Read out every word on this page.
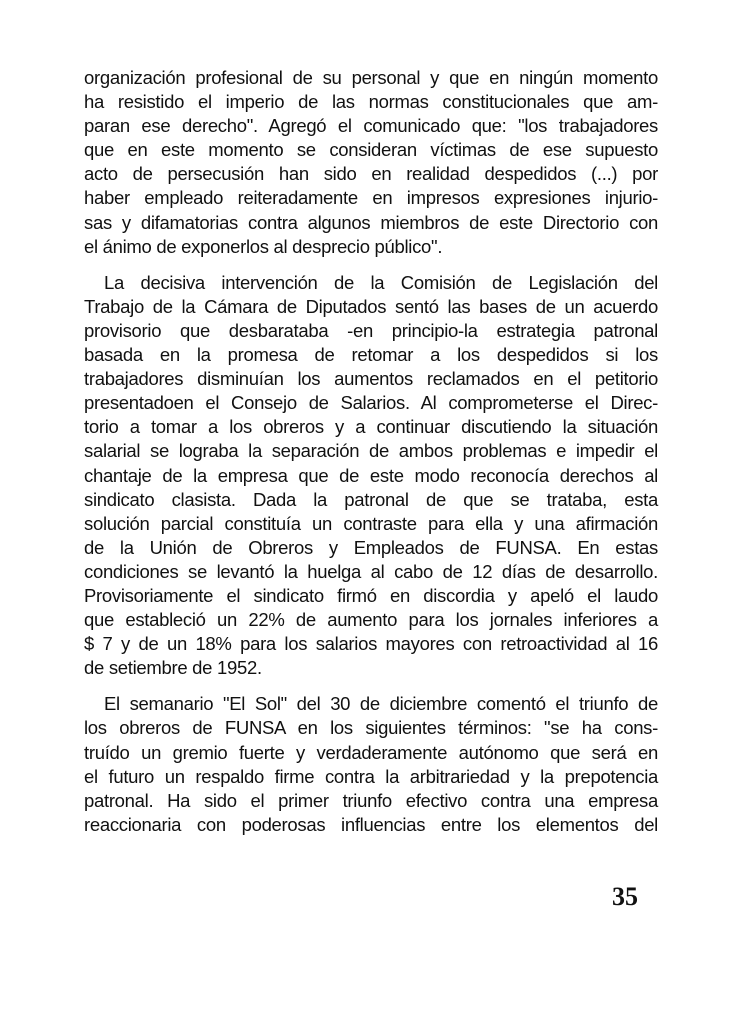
organización profesional de su personal y que en ningún momento
ha resistido el imperio de las normas constitucionales que am-
paran ese derecho". Agregó el comunicado que: "los trabajadores
que en este momento se consideran víctimas de ese supuesto
acto de persecusión han sido en realidad despedidos (...) por
haber empleado reiteradamente en impresos expresiones injurio-
sas y difamatorias contra algunos miembros de este Directorio con
el ánimo de exponerlos al desprecio público".
La decisiva intervención de la Comisión de Legislación del
Trabajo de la Cámara de Diputados sentó las bases de un acuerdo
provisorio que desbarataba -en principio-la estrategia patronal
basada en la promesa de retomar a los despedidos si los
trabajadores disminuían los aumentos reclamados en el petitorio
presentadoen el Consejo de Salarios. Al comprometerse el Direc-
torio a tomar a los obreros y a continuar discutiendo la situación
salarial se lograba la separación de ambos problemas e impedir el
chantaje de la empresa que de este modo reconocía derechos al
sindicato clasista. Dada la patronal de que se trataba, esta
solución parcial constituía un contraste para ella y una afirmación
de la Unión de Obreros y Empleados de FUNSA. En estas
condiciones se levantó la huelga al cabo de 12 días de desarrollo.
Provisoriamente el sindicato firmó en discordia y apeló el laudo
que estableció un 22% de aumento para los jornales inferiores a
$ 7 y de un 18% para los salarios mayores con retroactividad al 16
de setiembre de 1952.
El semanario "El Sol" del 30 de diciembre comentó el triunfo de
los obreros de FUNSA en los siguientes términos: "se ha cons-
truído un gremio fuerte y verdaderamente autónomo que será en
el futuro un respaldo firme contra la arbitrariedad y la prepotencia
patronal. Ha sido el primer triunfo efectivo contra una empresa
reaccionaria con poderosas influencias entre los elementos del
35
